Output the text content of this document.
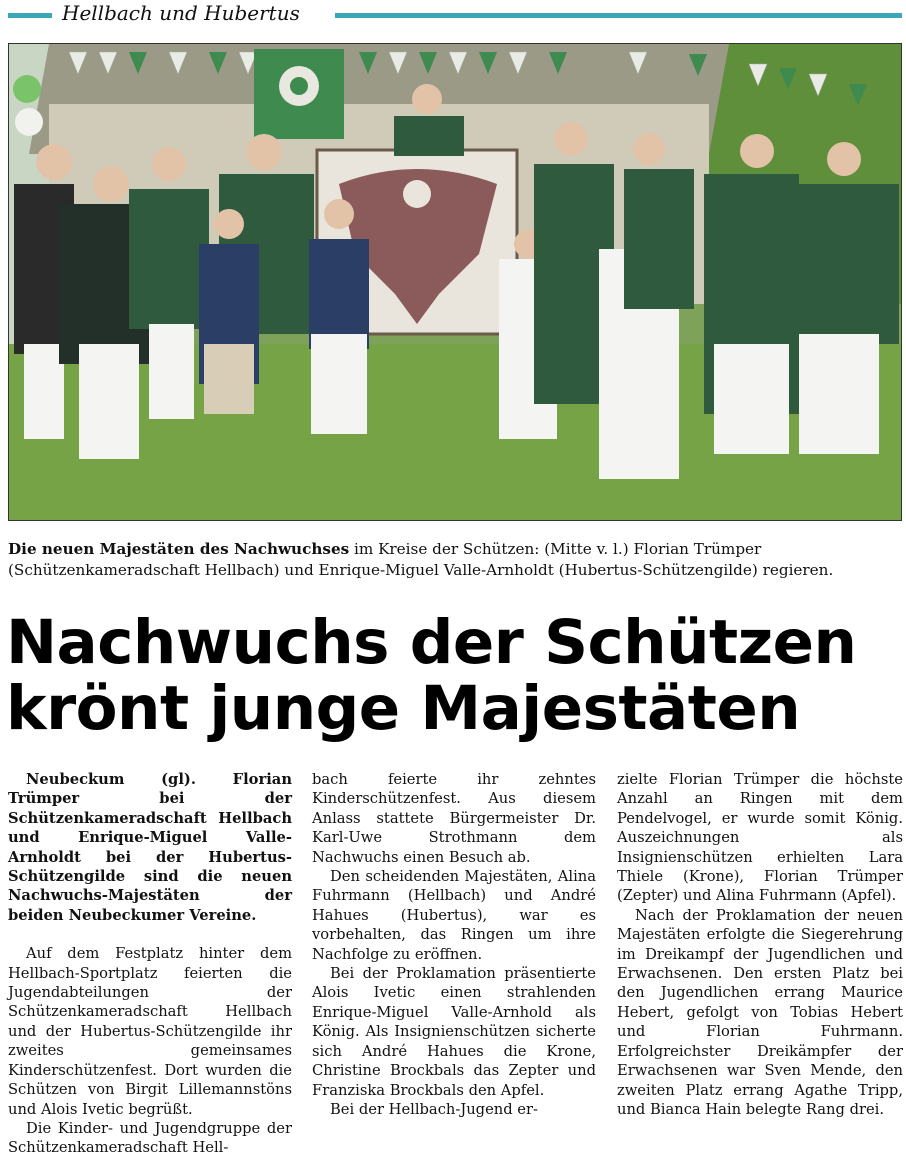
Hellbach und Hubertus
Die neuen Majestäten des Nachwuchses im Kreise der Schützen: (Mitte v. l.) Florian Trümper (Schützenkameradschaft Hellbach) und Enrique-Miguel Valle-Arnholdt (Hubertus-Schützengilde) regieren.
Nachwuchs der Schützen
krönt junge Majestäten

Neubeckum (gl). Florian Trümper bei der Schützenkameradschaft Hellbach und Enrique-Miguel Valle-Arnholdt bei der Hubertus-Schützengilde sind die neuen Nachwuchs-Majestäten der beiden Neubeckumer Vereine.

Auf dem Festplatz hinter dem Hellbach-Sportplatz feierten die Jugendabteilungen der Schützenkameradschaft Hellbach und der Hubertus-Schützengilde ihr zweites gemeinsames Kinderschützenfest. Dort wurden die Schützen von Birgit Lillemannstöns und Alois Ivetic begrüßt.

Die Kinder- und Jugendgruppe der Schützenkameradschaft Hell-

bach feierte ihr zehntes Kinderschützenfest. Aus diesem Anlass stattete Bürgermeister Dr. Karl-Uwe Strothmann dem Nachwuchs einen Besuch ab.

Den scheidenden Majestäten, Alina Fuhrmann (Hellbach) und André Hahues (Hubertus), war es vorbehalten, das Ringen um ihre Nachfolge zu eröffnen.

Bei der Proklamation präsentierte Alois Ivetic einen strahlenden Enrique-Miguel Valle-Arnhold als König. Als Insignienschützen sicherte sich André Hahues die Krone, Christine Brockbals das Zepter und Franziska Brockbals den Apfel.

Bei der Hellbach-Jugend er-

zielte Florian Trümper die höchste Anzahl an Ringen mit dem Pendelvogel, er wurde somit König. Auszeichnungen als Insignienschützen erhielten Lara Thiele (Krone), Florian Trümper (Zepter) und Alina Fuhrmann (Apfel).

Nach der Proklamation der neuen Majestäten erfolgte die Siegerehrung im Dreikampf der Jugendlichen und Erwachsenen. Den ersten Platz bei den Jugendlichen errang Maurice Hebert, gefolgt von Tobias Hebert und Florian Fuhrmann. Erfolgreichster Dreikämpfer der Erwachsenen war Sven Mende, den zweiten Platz errang Agathe Tripp, und Bianca Hain belegte Rang drei.
